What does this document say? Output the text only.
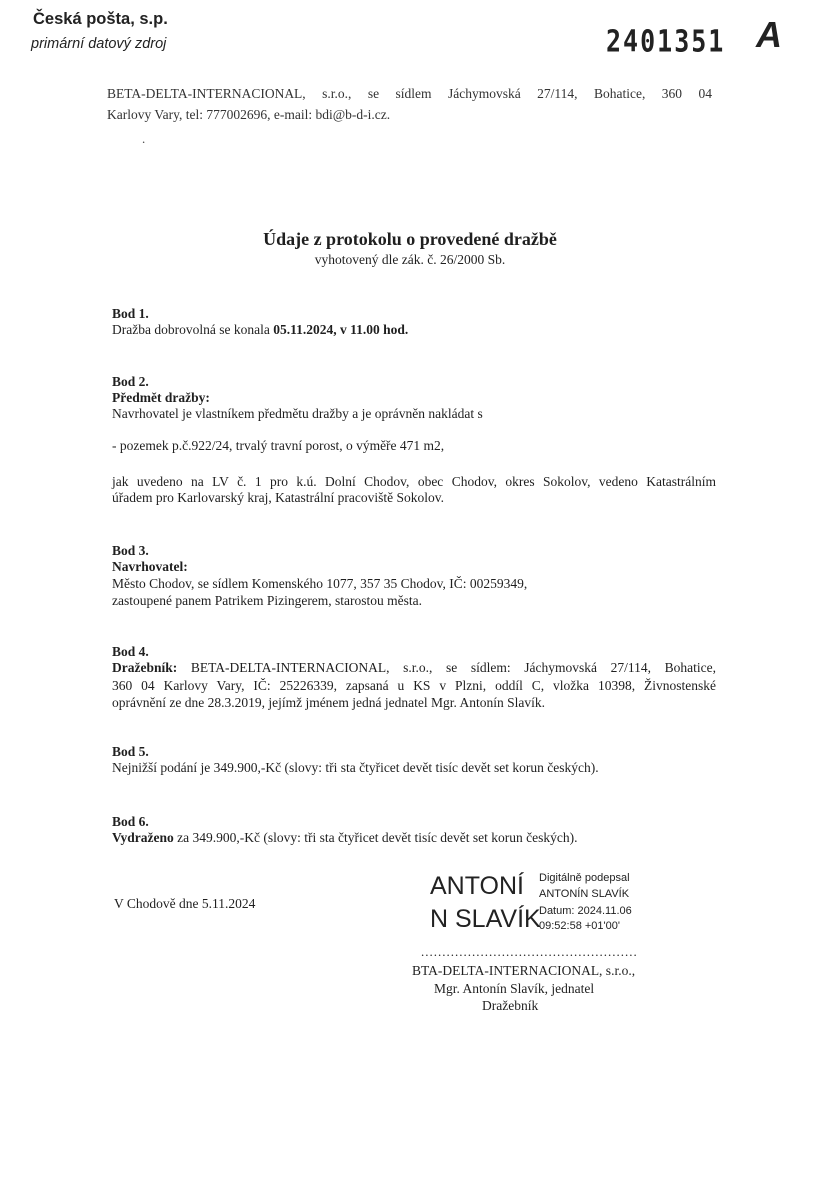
Česká pošta, s.p.
primární datový zdroj	2401351 A
BETA-DELTA-INTERNACIONAL, s.r.o., se sídlem Jáchymovská 27/114, Bohatice, 360 04
Karlovy Vary, tel: 777002696, e-mail: bdi@b-d-i.cz.
.
Údaje z protokolu o provedené dražbě
vyhotovený dle zák. č. 26/2000 Sb.
Bod 1.
Dražba dobrovolná se konala 05.11.2024, v 11.00 hod.
Bod 2.
Předmět dražby:
Navrhovatel je vlastníkem předmětu dražby a je oprávněn nakládat s
- pozemek p.č.922/24, trvalý travní porost, o výměře 471 m2,
jak uvedeno na LV č. 1 pro k.ú. Dolní Chodov, obec Chodov, okres Sokolov, vedeno Katastrálním
úřadem pro Karlovarský kraj, Katastrální pracoviště Sokolov.
Bod 3.
Navrhovatel:
Město Chodov, se sídlem Komenského 1077, 357 35 Chodov, IČ: 00259349,
zastoupené panem Patrikem Pizingerem, starostou města.
Bod 4.
Dražebník: BETA-DELTA-INTERNACIONAL, s.r.o., se sídlem: Jáchymovská 27/114, Bohatice,
360 04 Karlovy Vary, IČ: 25226339, zapsaná u KS v Plzni, oddíl C, vložka 10398, Živnostenské
oprávnění ze dne 28.3.2019, jejímž jménem jedná jednatel Mgr. Antonín Slavík.
Bod 5.
Nejnižší podání je 349.900,-Kč (slovy: tři sta čtyřicet devět tisíc devět set korun českých).
Bod 6.
Vydraženo za 349.900,-Kč (slovy: tři sta čtyřicet devět tisíc devět set korun českých).
V Chodově dne 5.11.2024
ANTONÍ
N SLAVÍK
Digitálně podepsal
ANTONÍN SLAVÍK
Datum: 2024.11.06
09:52:58 +01'00'
...................................................
BTA-DELTA-INTERNACIONAL, s.r.o.,
Mgr. Antonín Slavík, jednatel
Dražebník
